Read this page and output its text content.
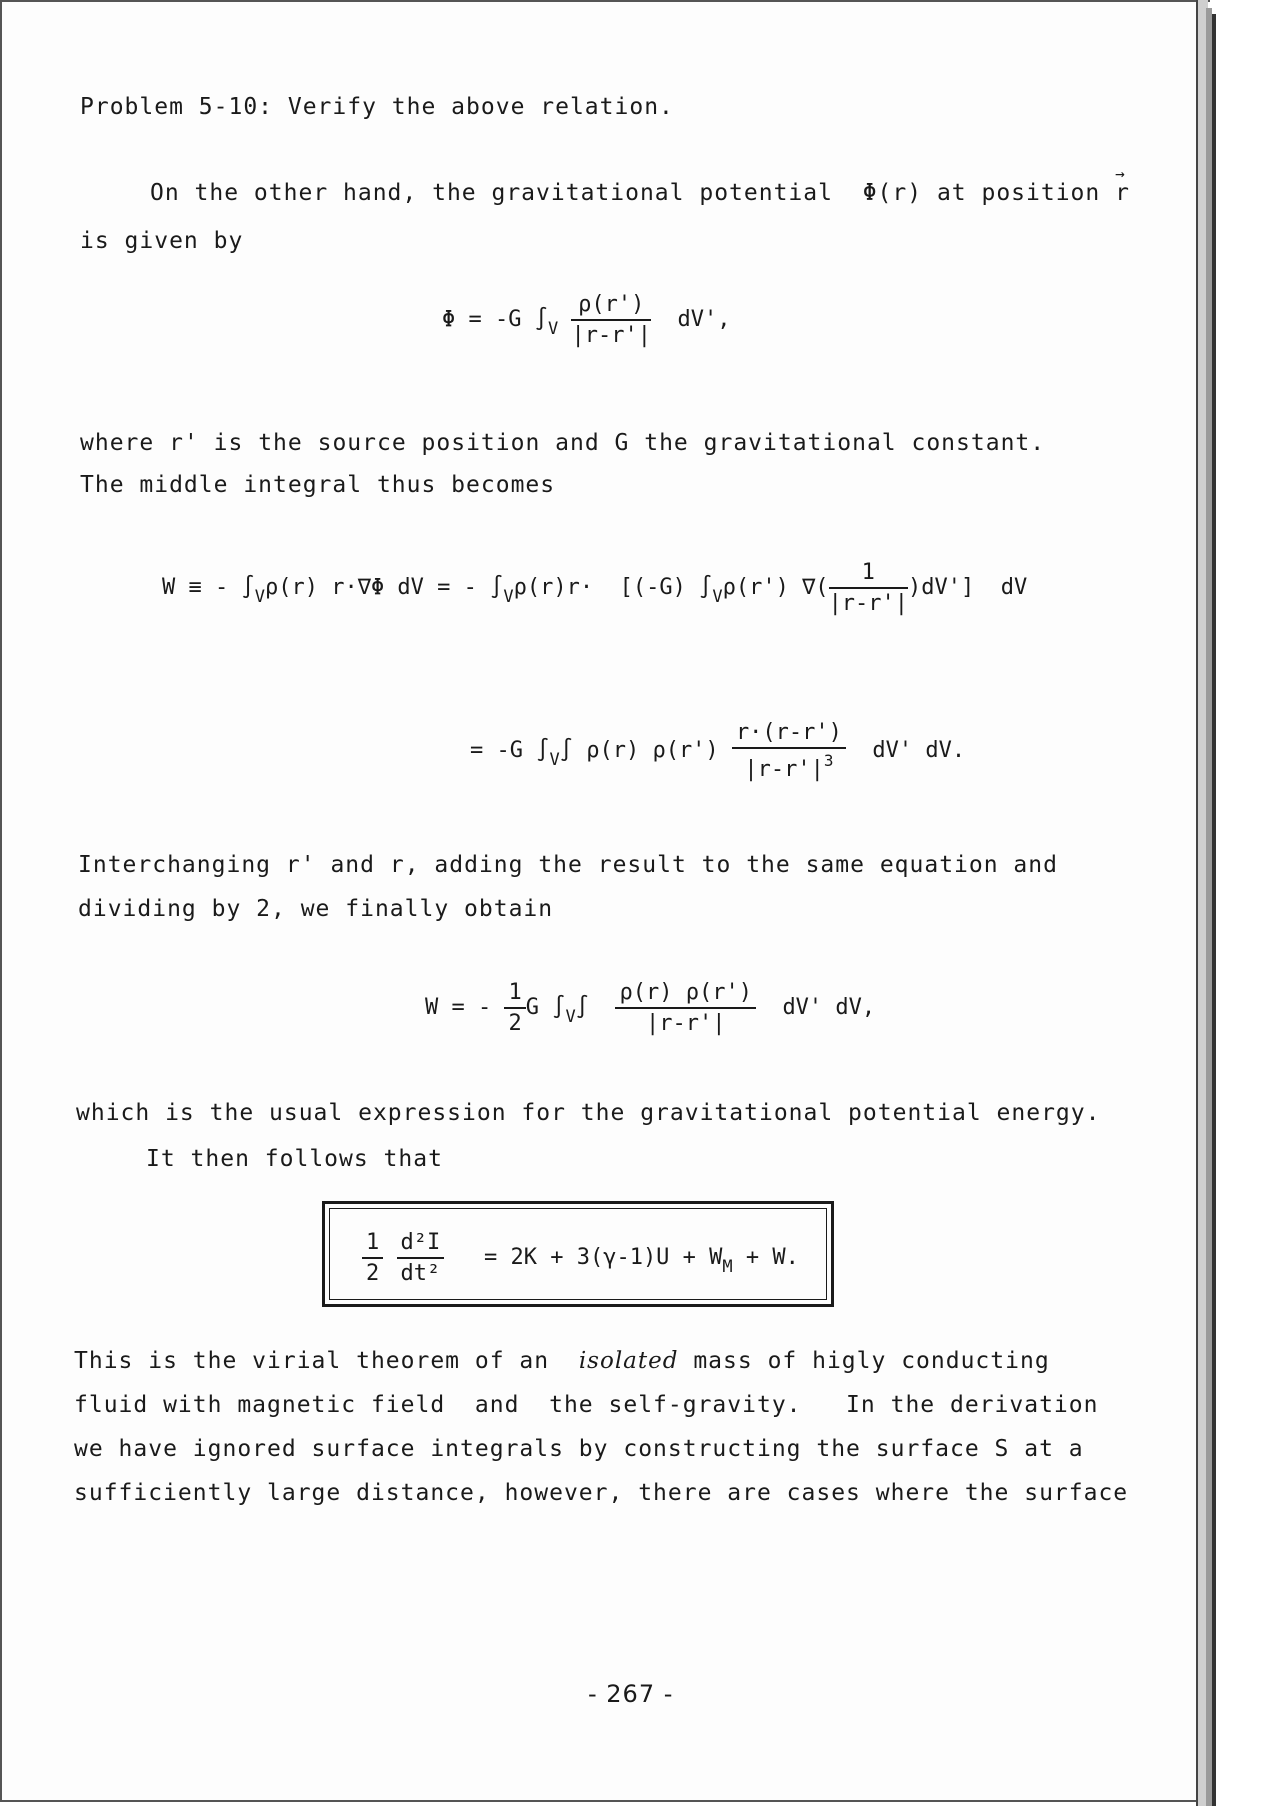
Problem 5-10: Verify the above relation.
On the other hand, the gravitational potential Φ(r) at position → r
is given by
Φ = -G $\int_V \frac{\rho(r')}{|r-r'|} dV'$,
where r' is the source position and G the gravitational constant.
The middle integral thus becomes
W ≡ - $\int_V\rho(r)$ r·∇Φ dV = - $\int_V\rho(r)r\cdot [(-G)$ $\int_V\rho(r')$ ∇( $\frac{1}{|r-r'|} )dV'$] dV
= -G $\int_V\int$ ρ(r) $\rho(r') \frac{r\cdot(r-r')}{|r-r'|^3} dV'$ dV.
Interchanging r' and r, adding the result to the same equation and
dividing by 2, we finally obtain
W = - $\frac{1}{2}$ G $\int_V\int \frac{\rho(r) \rho(r')}{|r-r'|} dV'$ dV,
which is the usual expression for the gravitational potential energy.
It then follows that
$\frac{1}{2}$
$\frac{\text{d²I}}{\text{dt²}} = 2K + 3(\gamma-1)U + W_M + W$.
This is the virial theorem of an isolated mass of higly conducting
fluid with magnetic field  and  the self-gravity.   In the derivation
we have ignored surface integrals by constructing the surface S at a
sufficiently large distance, however, there are cases where the surface
- 267 -
